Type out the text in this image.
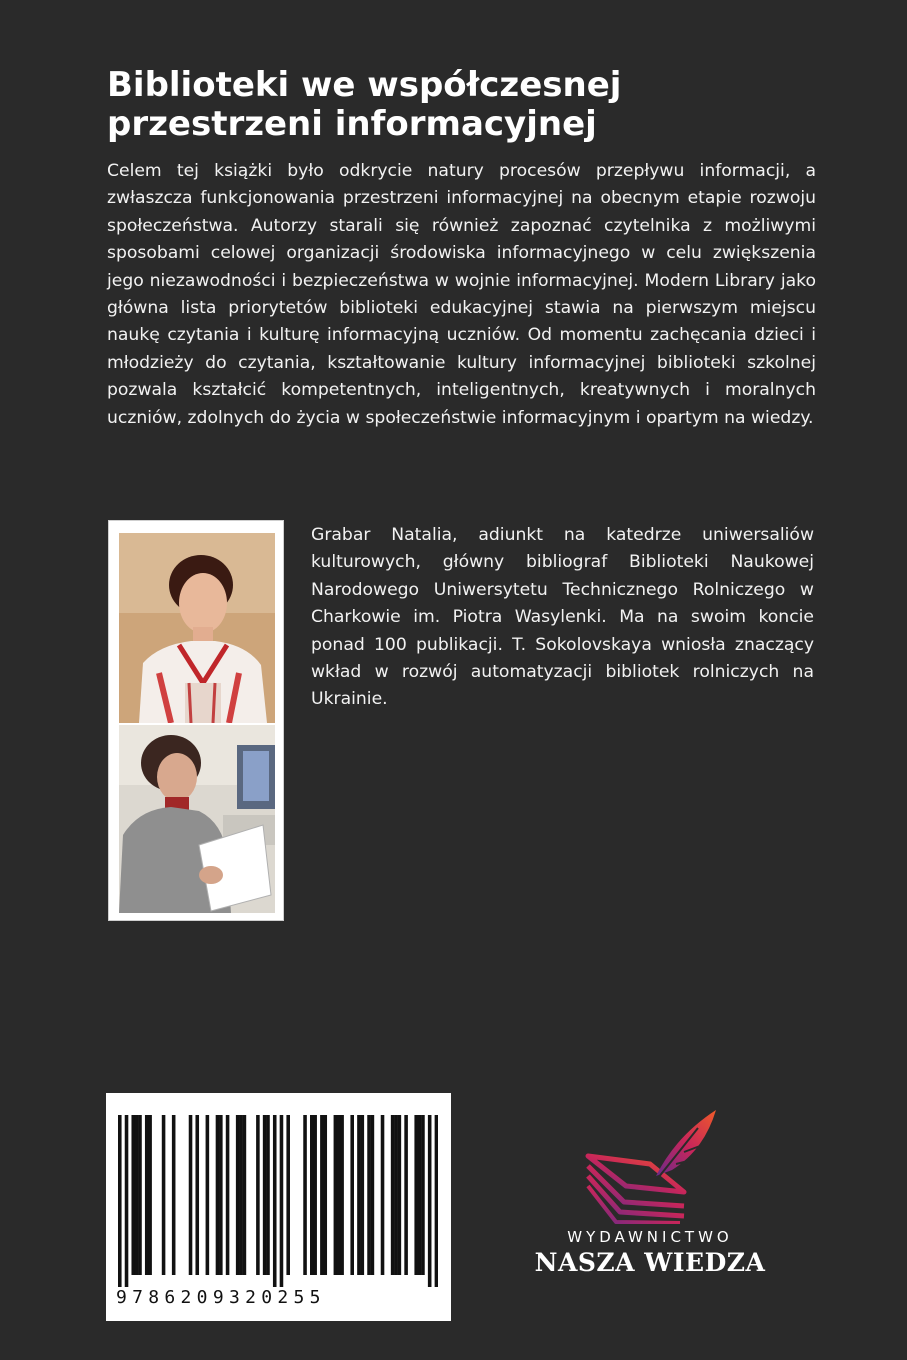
Biblioteki we współczesnej
przestrzeni informacyjnej

Celem tej książki było odkrycie natury procesów przepływu informacji, a zwłaszcza funkcjonowania przestrzeni informacyjnej na obecnym etapie rozwoju społeczeństwa. Autorzy starali się również zapoznać czytelnika z możliwymi sposobami celowej organizacji środowiska informacyjnego w celu zwiększenia jego niezawodności i bezpieczeństwa w wojnie informacyjnej. Modern Library jako główna lista priorytetów biblioteki edukacyjnej stawia na pierwszym miejscu naukę czytania i kulturę informacyjną uczniów. Od momentu zachęcania dzieci i młodzieży do czytania, kształtowanie kultury informacyjnej biblioteki szkolnej pozwala kształcić kompetentnych, inteligentnych, kreatywnych i moralnych uczniów, zdolnych do życia w społeczeństwie informacyjnym i opartym na wiedzy.

Grabar Natalia, adiunkt na katedrze uniwersaliów kulturowych, główny bibliograf Biblioteki Naukowej Narodowego Uniwersytetu Technicznego Rolniczego w Charkowie im. Piotra Wasylenki. Ma na swoim koncie ponad 100 publikacji. T. Sokolovskaya wniosła znaczący wkład w rozwój automatyzacji bibliotek rolniczych na Ukrainie.

9786209320255
WYDAWNICTWO
NASZA WIEDZA
